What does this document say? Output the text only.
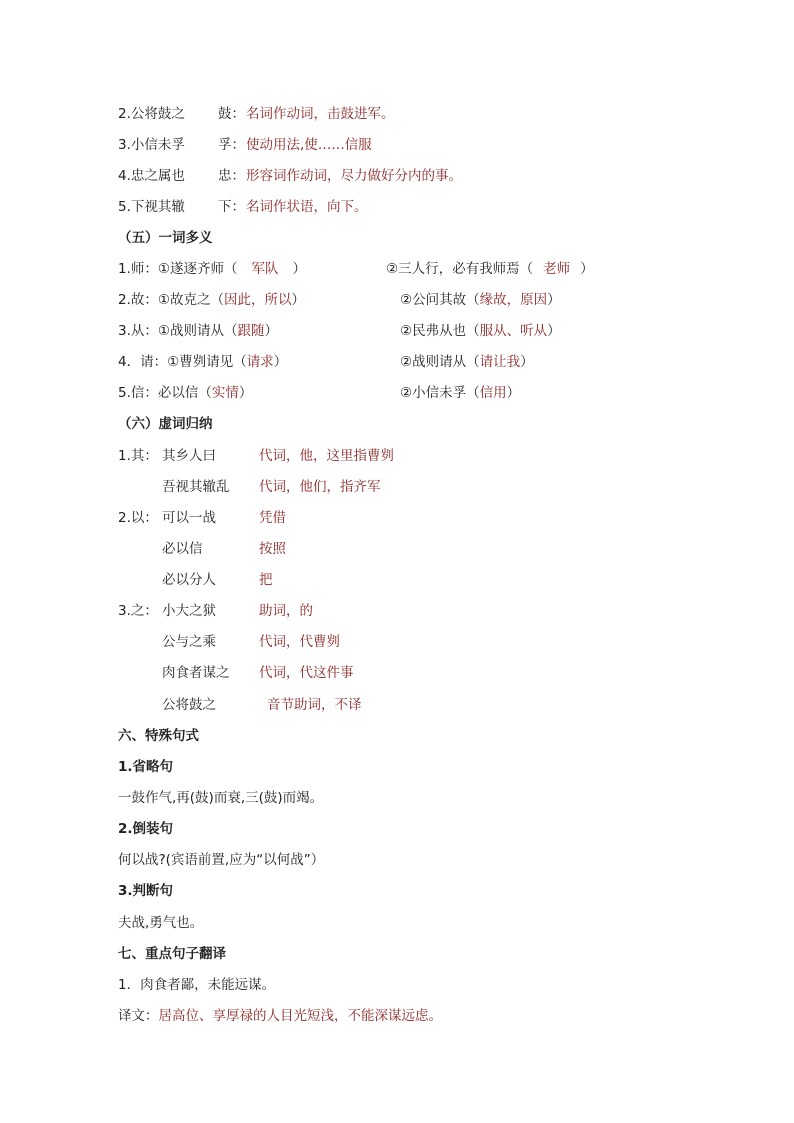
2.公将鼓之 鼓： 名词作动词，击鼓进军。
3.小信未孚 孚： 使动用法,使……信服
4.忠之属也 忠： 形容词作动词，尽力做好分内的事。
5.下视其辙 下： 名词作状语，向下。
（五）一词多义
1.师：①遂逐齐师（ 军队 ）	②三人行，必有我师焉（ 老师 ）
2.故：①故克之（因此，所以）	②公问其故（缘故，原因）
3.从：①战则请从（跟随）	②民弗从也（服从、听从）
4．请：①曹刿请见（请求）	②战则请从（请让我）
5.信：必以信（实情）	②小信未孚（信用）
（六）虚词归纳
1.其： 其乡人曰	代词，他，这里指曹刿
吾视其辙乱 代词，他们，指齐军
2.以： 可以一战	凭借
必以信	按照
必以分人	把
3.之： 小大之狱	助词，的
公与之乘	代词，代曹刿
肉食者谋之 代词，代这件事
公将鼓之	音节助词，不译
六、特殊句式
1.省略句
一鼓作气,再(鼓)而衰,三(鼓)而竭。
2.倒装句
何以战?(宾语前置,应为“以何战”）
3.判断句
夫战,勇气也。
七、重点句子翻译
1．肉食者鄙，未能远谋。
译文：居高位、享厚禄的人目光短浅，不能深谋远虑。
